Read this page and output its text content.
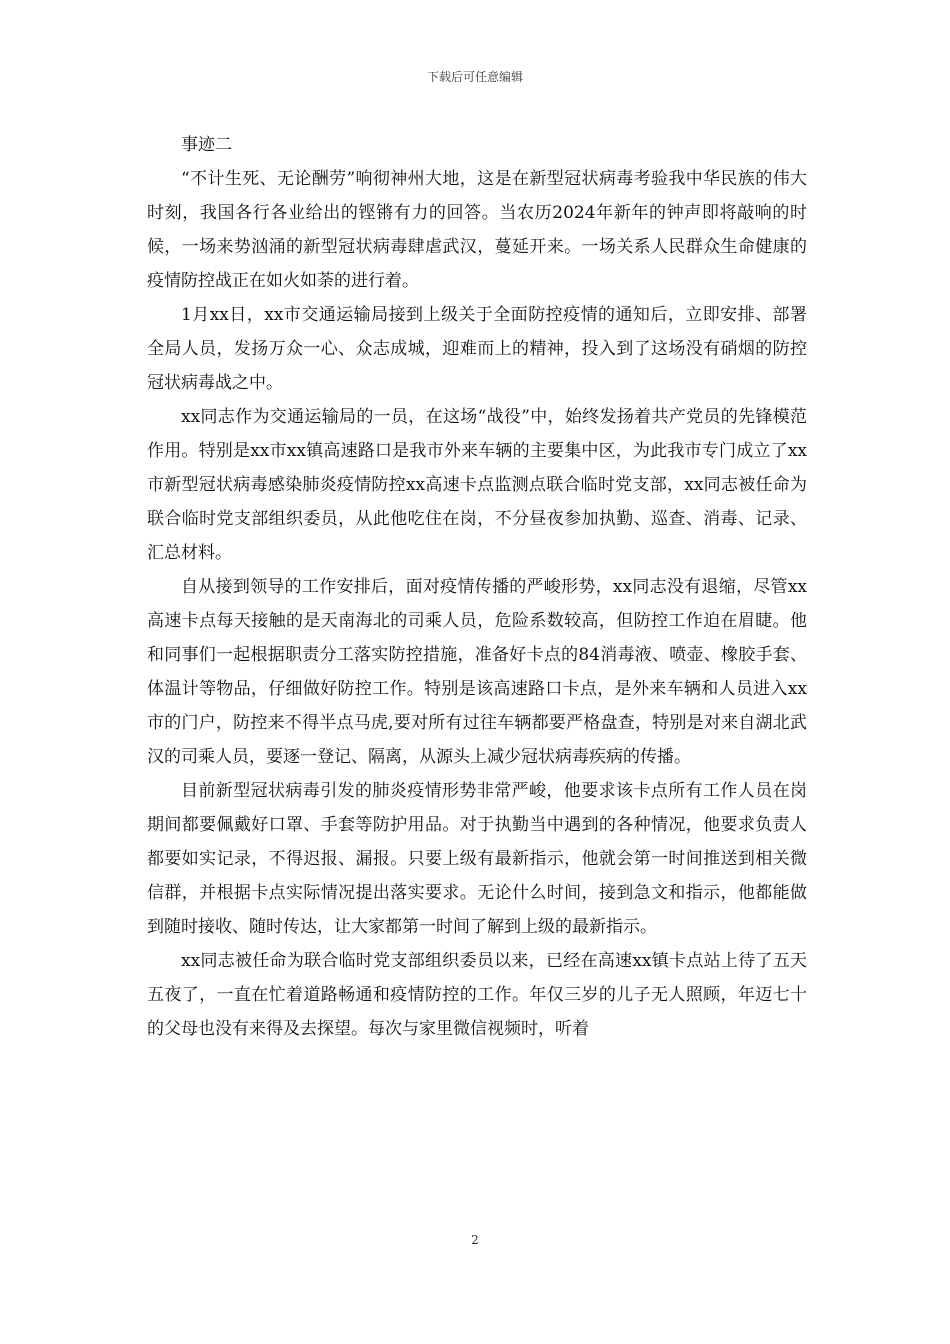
下载后可任意编辑

事迹二

“不计生死、无论酬劳”响彻神州大地，这是在新型冠状病毒考验我中华民族的伟大时刻，我国各行各业给出的铿锵有力的回答。当农历2024年新年的钟声即将敲响的时候，一场来势汹涌的新型冠状病毒肆虐武汉，蔓延开来。一场关系人民群众生命健康的疫情防控战正在如火如荼的进行着。

1月xx日，xx市交通运输局接到上级关于全面防控疫情的通知后，立即安排、部署全局人员，发扬万众一心、众志成城，迎难而上的精神，投入到了这场没有硝烟的防控冠状病毒战之中。

xx同志作为交通运输局的一员，在这场“战役”中，始终发扬着共产党员的先锋模范作用。特别是xx市xx镇高速路口是我市外来车辆的主要集中区，为此我市专门成立了xx市新型冠状病毒感染肺炎疫情防控xx高速卡点监测点联合临时党支部，xx同志被任命为联合临时党支部组织委员，从此他吃住在岗，不分昼夜参加执勤、巡查、消毒、记录、汇总材料。

自从接到领导的工作安排后，面对疫情传播的严峻形势，xx同志没有退缩，尽管xx高速卡点每天接触的是天南海北的司乘人员，危险系数较高，但防控工作迫在眉睫。他和同事们一起根据职责分工落实防控措施，准备好卡点的84消毒液、喷壶、橡胶手套、体温计等物品，仔细做好防控工作。特别是该高速路口卡点，是外来车辆和人员进入xx市的门户，防控来不得半点马虎,要对所有过往车辆都要严格盘查，特别是对来自湖北武汉的司乘人员，要逐一登记、隔离，从源头上减少冠状病毒疾病的传播。

目前新型冠状病毒引发的肺炎疫情形势非常严峻，他要求该卡点所有工作人员在岗期间都要佩戴好口罩、手套等防护用品。对于执勤当中遇到的各种情况，他要求负责人都要如实记录，不得迟报、漏报。只要上级有最新指示，他就会第一时间推送到相关微信群，并根据卡点实际情况提出落实要求。无论什么时间，接到急文和指示，他都能做到随时接收、随时传达，让大家都第一时间了解到上级的最新指示。

xx同志被任命为联合临时党支部组织委员以来，已经在高速xx镇卡点站上待了五天五夜了，一直在忙着道路畅通和疫情防控的工作。年仅三岁的儿子无人照顾，年迈七十的父母也没有来得及去探望。每次与家里微信视频时，听着

2
